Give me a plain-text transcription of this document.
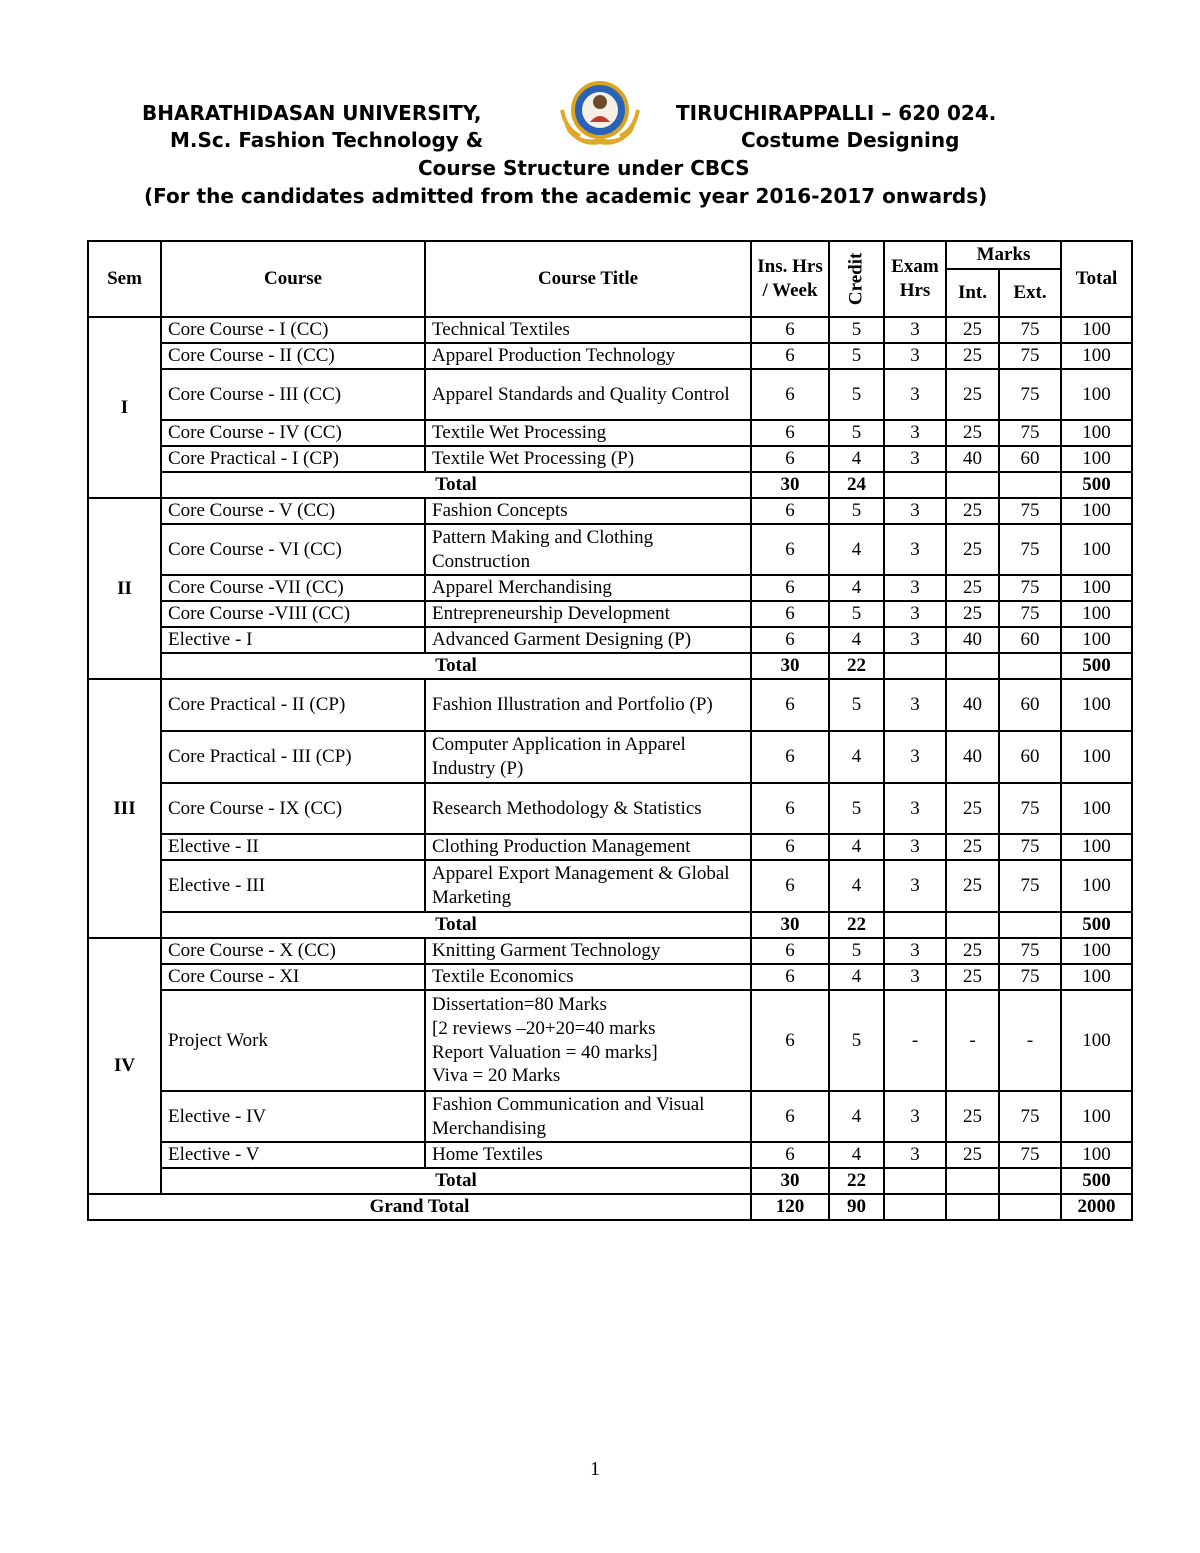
BHARATHIDASAN UNIVERSITY,	TIRUCHIRAPPALLI – 620 024.
M.Sc. Fashion Technology &	Costume Designing
Course Structure under CBCS
(For the candidates admitted from the academic year 2016-2017 onwards)
Sem	Course	Course Title	Ins. Hrs / Week	Credit	Exam Hrs	Marks		Total
						Int.	Ext.	
I	Core Course - I (CC)	Technical Textiles	6	5	3	25	75	100
	Core Course - II (CC)	Apparel Production Technology	6	5	3	25	75	100
	Core Course - III (CC)	Apparel Standards and Quality Control	6	5	3	25	75	100
	Core Course - IV (CC)	Textile Wet Processing	6	5	3	25	75	100
	Core Practical - I (CP)	Textile Wet Processing (P)	6	4	3	40	60	100
	Total		30	24				500
II	Core Course - V (CC)	Fashion Concepts	6	5	3	25	75	100
	Core Course - VI (CC)	Pattern Making and Clothing Construction	6	4	3	25	75	100
	Core Course -VII (CC)	Apparel Merchandising	6	4	3	25	75	100
	Core Course -VIII (CC)	Entrepreneurship Development	6	5	3	25	75	100
	Elective - I	Advanced Garment Designing (P)	6	4	3	40	60	100
	Total		30	22				500
III	Core Practical - II (CP)	Fashion Illustration and Portfolio (P)	6	5	3	40	60	100
	Core Practical - III (CP)	Computer Application in Apparel Industry (P)	6	4	3	40	60	100
	Core Course - IX (CC)	Research Methodology & Statistics	6	5	3	25	75	100
	Elective - II	Clothing Production Management	6	4	3	25	75	100
	Elective - III	Apparel Export Management & Global Marketing	6	4	3	25	75	100
	Total		30	22				500
IV	Core Course - X (CC)	Knitting Garment Technology	6	5	3	25	75	100
	Core Course - XI	Textile Economics	6	4	3	25	75	100
	Project Work	Dissertation=80 Marks
[2 reviews –20+20=40 marks
Report Valuation = 40 marks]
Viva = 20 Marks	6	5	-	-	-	100
	Elective - IV	Fashion Communication and Visual Merchandising	6	4	3	25	75	100
	Elective - V	Home Textiles	6	4	3	25	75	100
	Total		30	22				500
Grand Total			120	90				2000
1
